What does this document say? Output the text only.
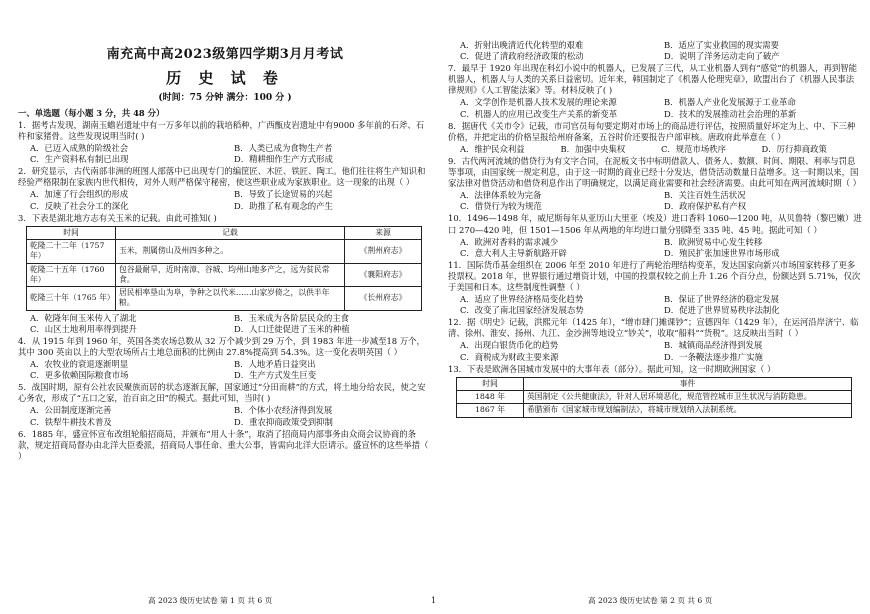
南充高中高2023级第四学期3月月考试
历 史 试 卷
(时间：75 分钟 满分：100 分 )
一、单选题（每小题 3 分，共 48 分）
1．据考古发现，湖南玉蟾岩遗址中有一万多年以前的栽培稻种，广西甑皮岩遗址中有9000 多年前的石斧、石杵和家猪骨。这些发现说明当时( )
A．已迈入成熟的阶级社会	B．人类已成为食物生产者
C．生产资料私有制已出现	D．精耕细作生产方式形成
2．研究显示，古代南部非洲的班图人部落中已出现专门的编筐匠、木匠、铁匠、陶工。他们往往将生产知识和经验严格限制在家族内世代相传，对外人则严格保守秘密，使这些职业成为家族职业。这一现象的出现（ ）
A．加速了行会组织的形成	B．导致了长途贸易的兴起
C．反映了社会分工的深化	D．助推了私有观念的产生
3．下表是湖北地方志有关玉米的记载。由此可推知( )
时间	记载	来源
乾隆二十二年（1757 年）	玉米，荆属傍山及州四多种之。	《荆州府志》
乾隆二十五年（1760 年）	包谷最耐旱，近时南漳、谷城、均州山地多产之，远为贫民常食。	《襄阳府志》
乾隆三十年（1765 年）	居民相率垦山为阜，争种之以代米……山家岁倚之，以供半年粮。	《长州府志》
A．乾隆年间玉米传入了湖北	B．玉米成为各阶层民众的主食
C．山区土地利用率得到提升	D．人口迁徙促进了玉米的种植
4．从 1915 年到 1960 年，英国各类农场总数从 32 万个减少到 29 万个，到 1983 年进一步减至18 万个，其中 300 英亩以上的大型农场所占土地总面积的比例由 27.8%提高到 54.3%。这一变化表明英国（ ）
A．农牧业的衰退逐渐明显	B．人地矛盾日益突出
C．更多依赖国际粮食市场	D．生产方式发生巨变
5．战国时期，原有公社农民聚族而居的状态逐渐瓦解，国家通过“分田而耕”的方式，将土地分给农民，使之安心务农，形成了“五口之家，治百亩之田”的模式。据此可知，当时( )
A．公田制度逐渐完善	B．个体小农经济得到发展
C．铁犁牛耕技术普及	D．重农抑商政策受到抑制
6．1885 年，盛宣怀宣布改组轮船招商局，并颁布“用人十条”，取消了招商局内部事务由众商会议协商的条款，规定招商局督办由北洋大臣委派，招商局人事任命、重大公事，皆需向北洋大臣请示。盛宣怀的这些举措（ ）
A．折射出晚清近代化转型的艰难	B．适应了实业救国的现实需要
C．促进了清政府经济政策的松动	D．说明了洋务运动走向了破产
7．最早于 1920 年出现在科幻小说中的机器人，已发展了三代，从工业机器人到有“感觉”的机器人，再到智能机器人，机器人与人类的关系日益密切。近年来，韩国制定了《机器人伦理宪章》，欧盟出台了《机器人民事法律规则》《人工智能法案》等。材料反映了( )
A．文学创作是机器人技术发展的理论来源	B．机器人产业化发展源于工业革命
C．机器人的应用已改变生产关系的新变革	D．技术的发展推动社会治理的革新
8．据唐代《关市令》记载，市司官员每旬要定期对市场上的商品进行评估，按照质量好坏定为上、中、下三种价格，并把定出的价格呈报给州府备案，五谷时价还要报告户部审核。唐政府此举意在（ ）
A．维护民众利益	B．加强中央集权	C．规范市场秩序	D．厉行抑商政策
9．古代两河流域的借贷行为有文字合同，在泥板文书中标明借款人、债务人、数额、时间、期限、利率与罚息等事项，由国家统一规定利息，由于这一时期的商业已经十分发达，借贷活动数量日益增多。这一时期以来，国家法律对借贷活动和借贷利息作出了明确规定，以满足商业需要和社会经济需要。由此可知在两河流域时期（ ）
A．法律体系较为完备	B．关注百姓生活状况
C．借贷行为较为规范	D．政府保护私有产权
10．1496—1498 年，威尼斯每年从亚历山大里亚（埃及）进口香料 1060—1200 吨，从贝鲁特（黎巴嫩）进口 270—420 吨，但 1501—1506 年从两地的年均进口量分别降至 335 吨、45 吨。据此可知（ ）
A．欧洲对香料的需求减少	B．欧洲贸易中心发生转移
C．意大利人主导新航路开辟	D．殖民扩张加速世界市场形成
11．国际货币基金组织在 2006 年至 2010 年进行了两轮治理结构变革，发达国家向新兴市场国家转移了更多投票权。2018 年，世界银行通过增资计划，中国的投票权较之前上升 1.26 个百分点，份额达到 5.71%，仅次于美国和日本。这些制度性调整（ ）
A．适应了世界经济格局变化趋势	B．保证了世界经济的稳定发展
C．改变了南北国家经济发展态势	D．促进了世界贸易秩序法制化
12．据《明史》记载，洪熙元年（1425 年），“增市肆门摊课钞”；宣德四年（1429 年），在运河沿岸济宁、临清、徐州、淮安、扬州、九江、金沙洲等地设立“钞关”，收取“船料”“货税”。这反映出当时（ ）
A．出现白银货币化的趋势	B．城镇商品经济得到发展
C．商税成为财政主要来源	D．一条鞭法逐步推广实施
13．下表是欧洲各国城市发展中的大事年表（部分）。据此可知，这一时期欧洲国家（ ）
时间	事件
1848 年	英国制定《公共健康法》，针对人居环境恶化，规范管控城市卫生状况与消防隐患。
1867 年	希腊颁布《国家城市规划编制法》，将城市规划纳入法制系统。
高 2023 级历史试卷 第 1 页 共 6 页	1	高 2023 级历史试卷 第 2 页 共 6 页
